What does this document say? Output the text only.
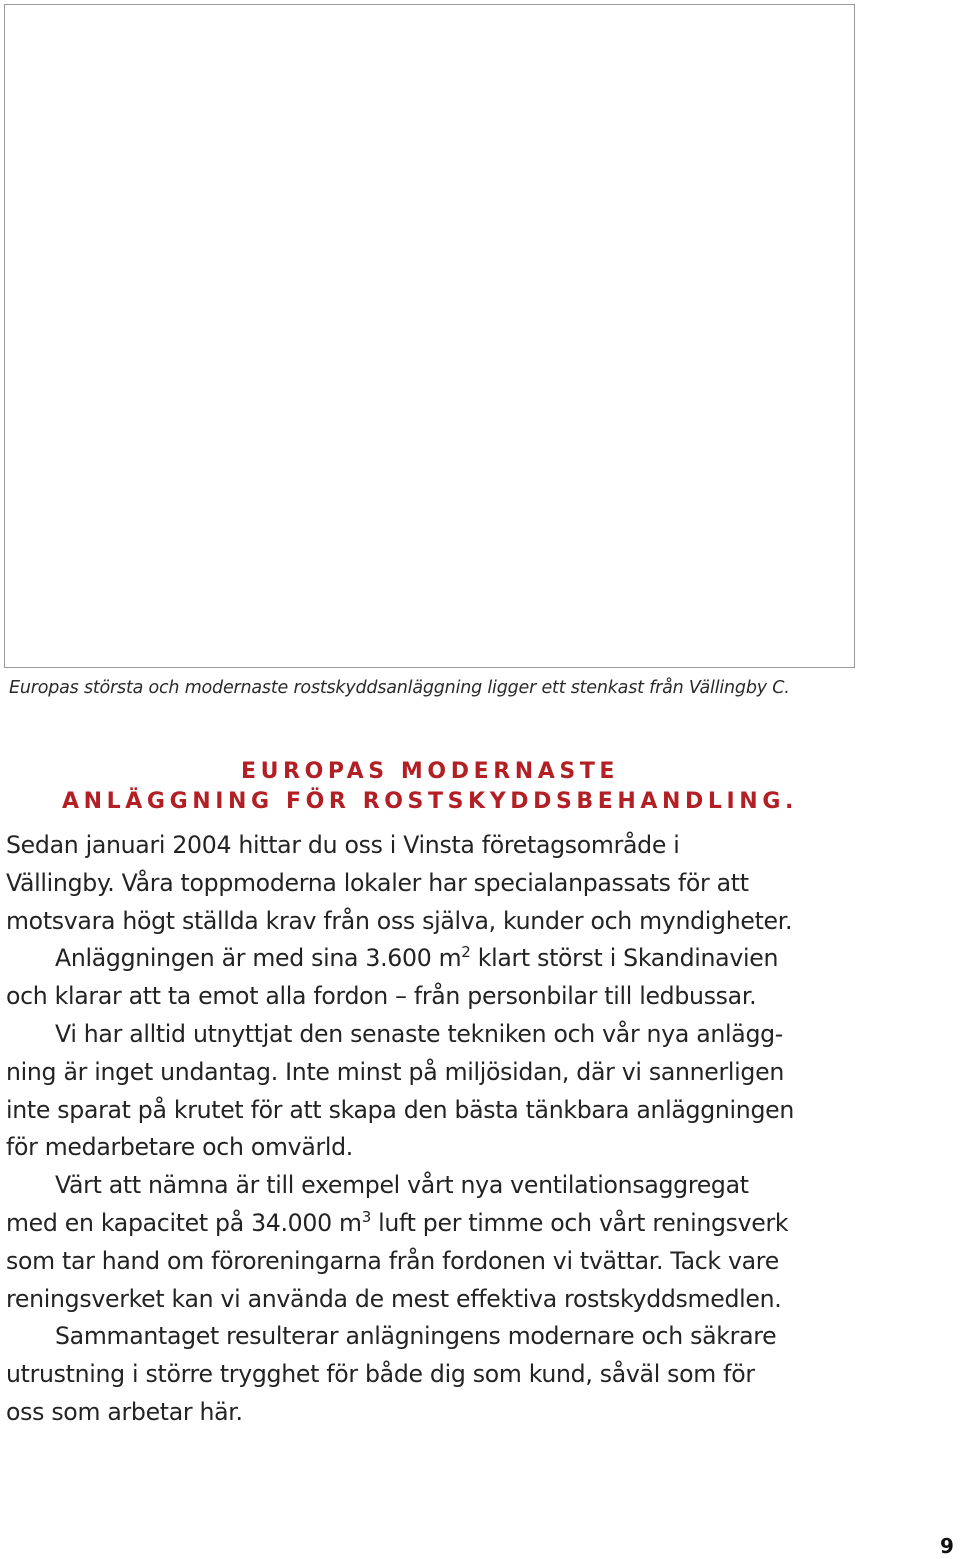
Europas största och modernaste rostskyddsanläggning ligger ett stenkast från Vällingby C.
EUROPAS MODERNASTE
ANLÄGGNING FÖR ROSTSKYDDSBEHANDLING.
Sedan januari 2004 hittar du oss i Vinsta företagsområde i
Vällingby. Våra toppmoderna lokaler har specialanpassats för att
motsvara högt ställda krav från oss själva, kunder och myndigheter.
Anläggningen är med sina 3.600 $m^2$ klart störst i Skandinavien
och klarar att ta emot alla fordon – från personbilar till ledbussar.
Vi har alltid utnyttjat den senaste tekniken och vår nya anlägg-
ning är inget undantag. Inte minst på miljösidan, där vi sannerligen
inte sparat på krutet för att skapa den bästa tänkbara anläggningen
för medarbetare och omvärld.
Värt att nämna är till exempel vårt nya ventilationsaggregat
med en kapacitet på 34.000 $m^3$ luft per timme och vårt reningsverk
som tar hand om föroreningarna från fordonen vi tvättar. Tack vare
reningsverket kan vi använda de mest effektiva rostskyddsmedlen.
Sammantaget resulterar anlägningens modernare och säkrare
utrustning i större trygghet för både dig som kund, såväl som för
oss som arbetar här.
9
